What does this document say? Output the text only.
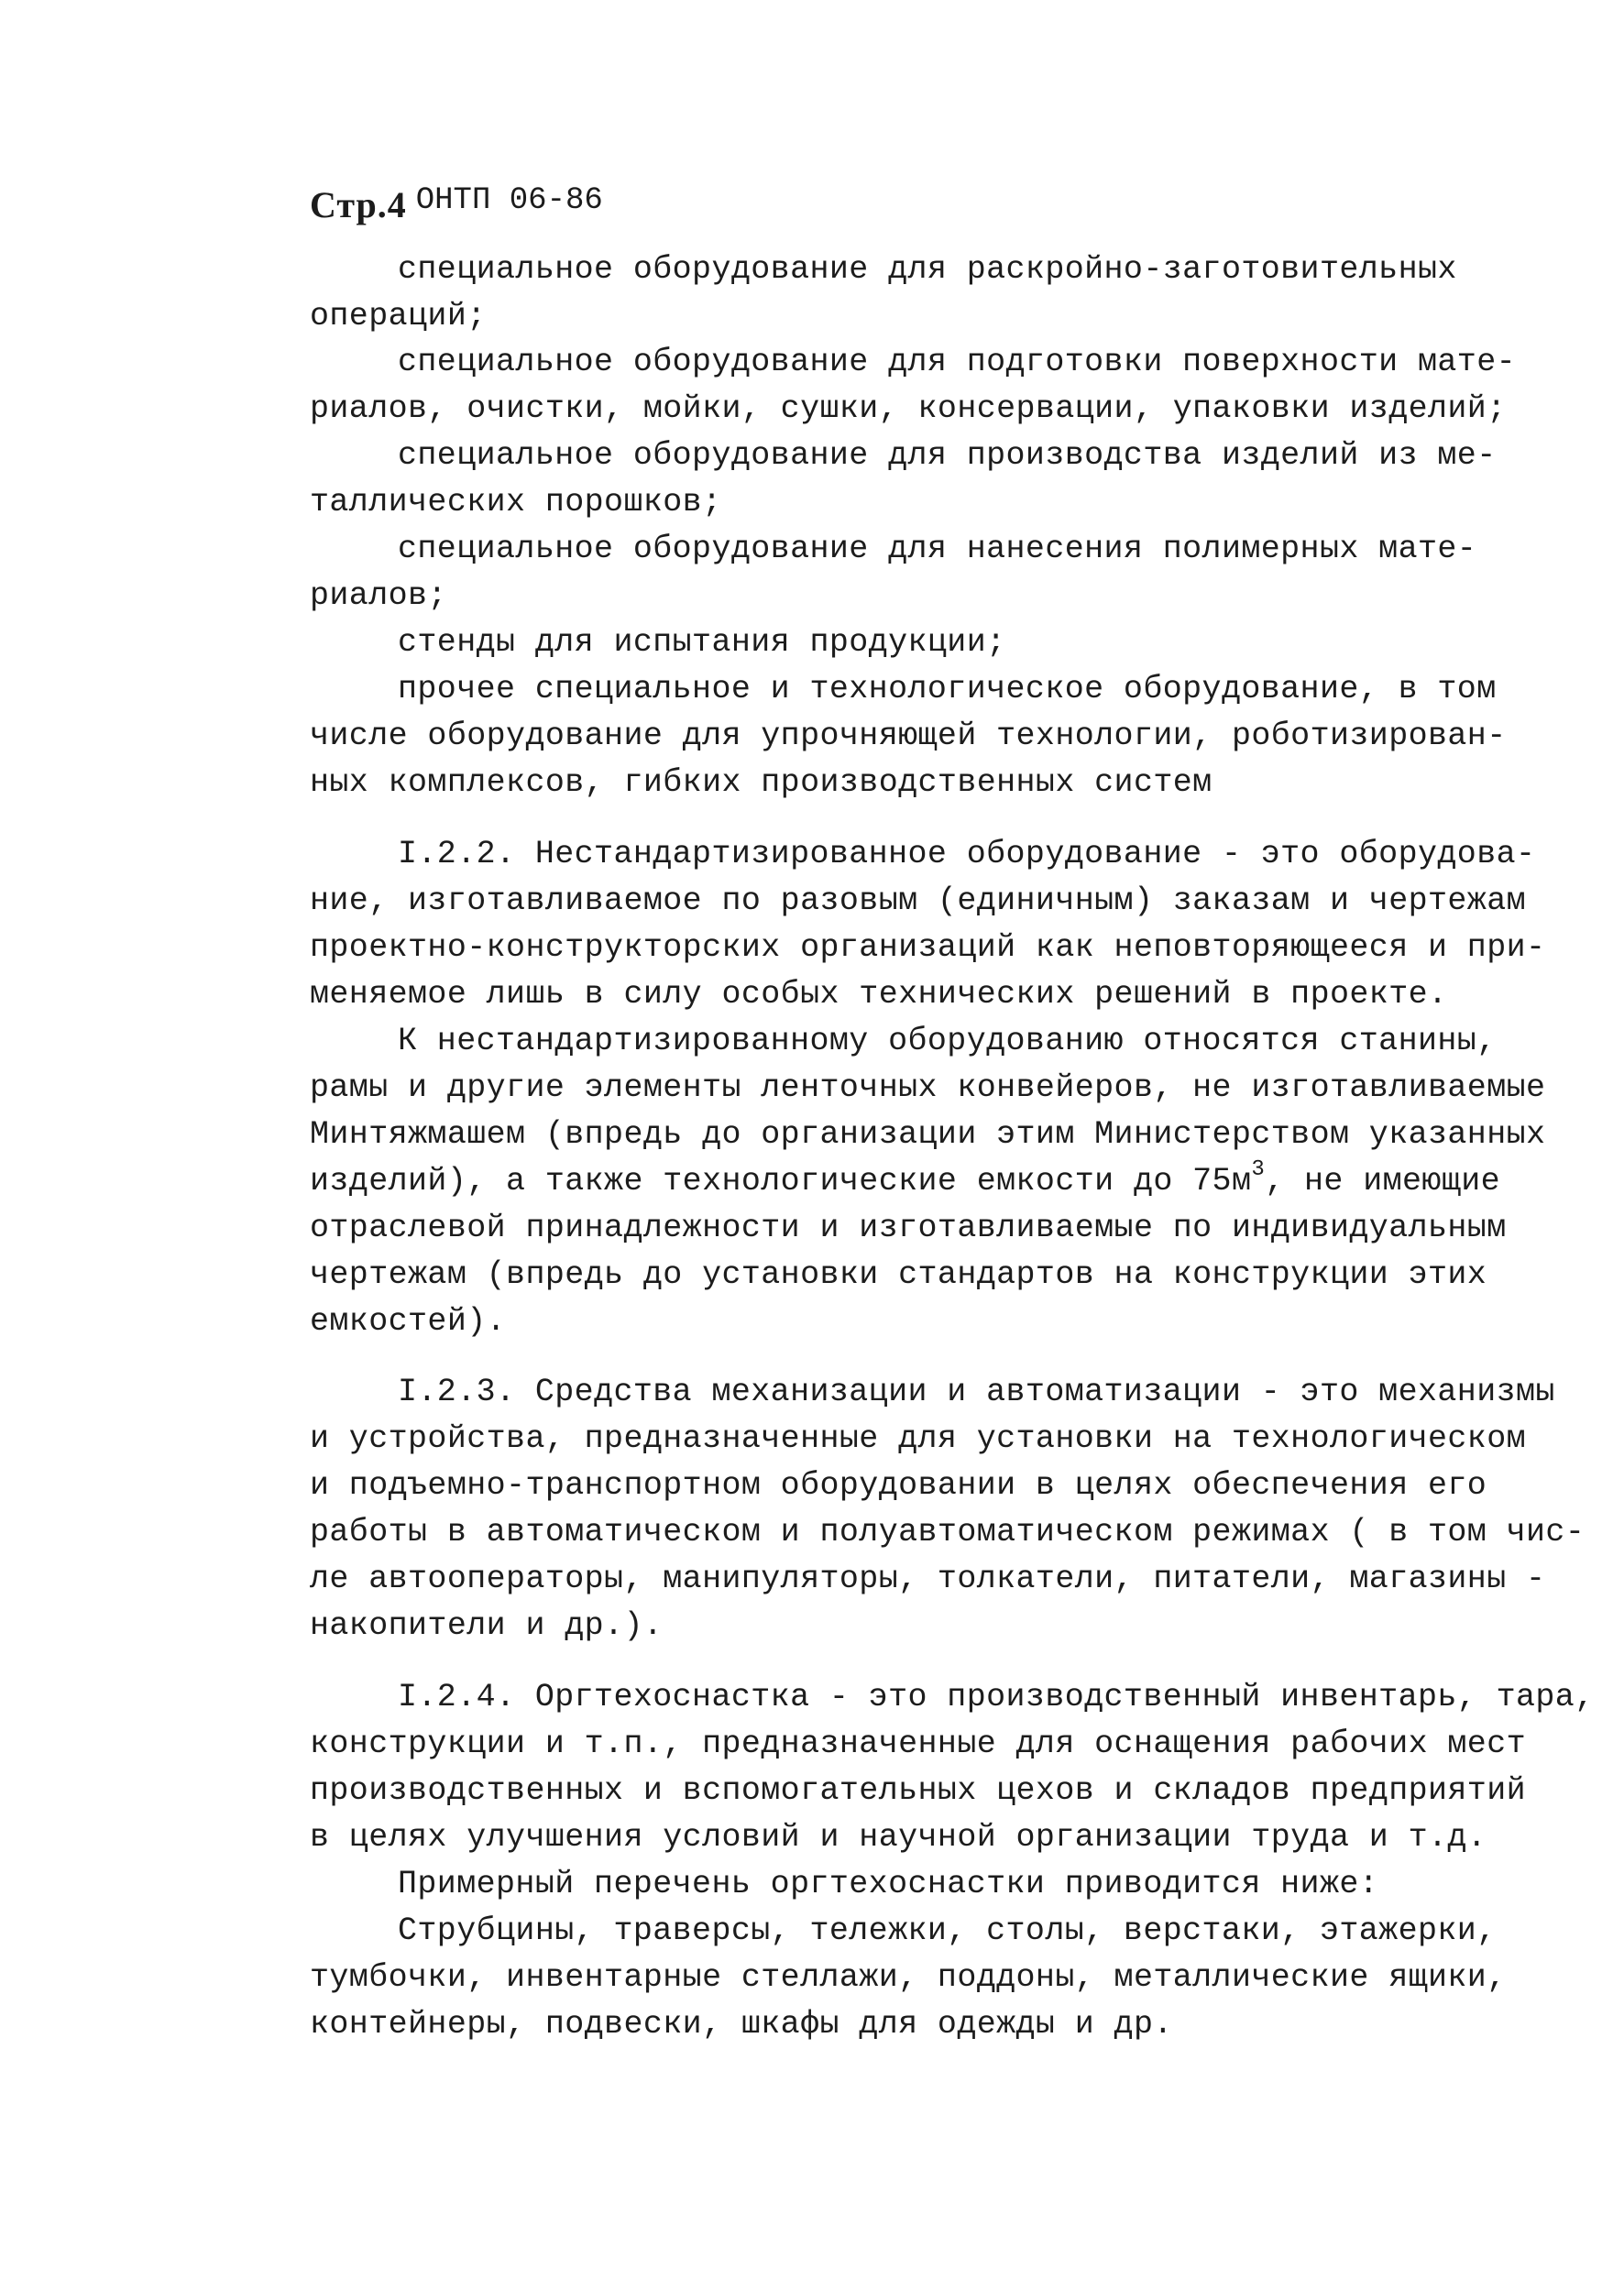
Стр.4 ОНТП 06-86
специальное оборудование для раскройно-заготовительных
операций;
специальное оборудование для подготовки поверхности мате-
риалов, очистки, мойки, сушки, консервации, упаковки изделий;
специальное оборудование для производства изделий из ме-
таллических порошков;
специальное оборудование для нанесения полимерных мате-
риалов;
стенды для испытания продукции;
прочее специальное и технологическое оборудование, в том
числе оборудование для упрочняющей технологии, роботизирован-
ных комплексов, гибких производственных систем
I.2.2. Нестандартизированное оборудование - это оборудова-
ние, изготавливаемое по разовым (единичным) заказам и чертежам
проектно-конструкторских организаций как неповторяющееся и при-
меняемое лишь в силу особых технических решений в проекте.
К нестандартизированному оборудованию относятся станины,
рамы и другие элементы ленточных конвейеров, не изготавливаемые
Минтяжмашем (впредь до организации этим Министерством указанных
изделий), а также технологические емкости до $75м^3$, не имеющие
отраслевой принадлежности и изготавливаемые по индивидуальным
чертежам (впредь до установки стандартов на конструкции этих
емкостей).
I.2.3. Средства механизации и автоматизации - это механизмы
и устройства, предназначенные для установки на технологическом
и подъемно-транспортном оборудовании в целях обеспечения его
работы в автоматическом и полуавтоматическом режимах ( в том чис-
ле автооператоры, манипуляторы, толкатели, питатели, магазины -
накопители и др.).
I.2.4. Оргтехоснастка - это производственный инвентарь, тара,
конструкции и т.п., предназначенные для оснащения рабочих мест
производственных и вспомогательных цехов и складов предприятий
в целях улучшения условий и научной организации труда и т.д.
Примерный перечень оргтехоснастки приводится ниже:
Струбцины, траверсы, тележки, столы, верстаки, этажерки,
тумбочки, инвентарные стеллажи, поддоны, металлические ящики,
контейнеры, подвески, шкафы для одежды и др.
